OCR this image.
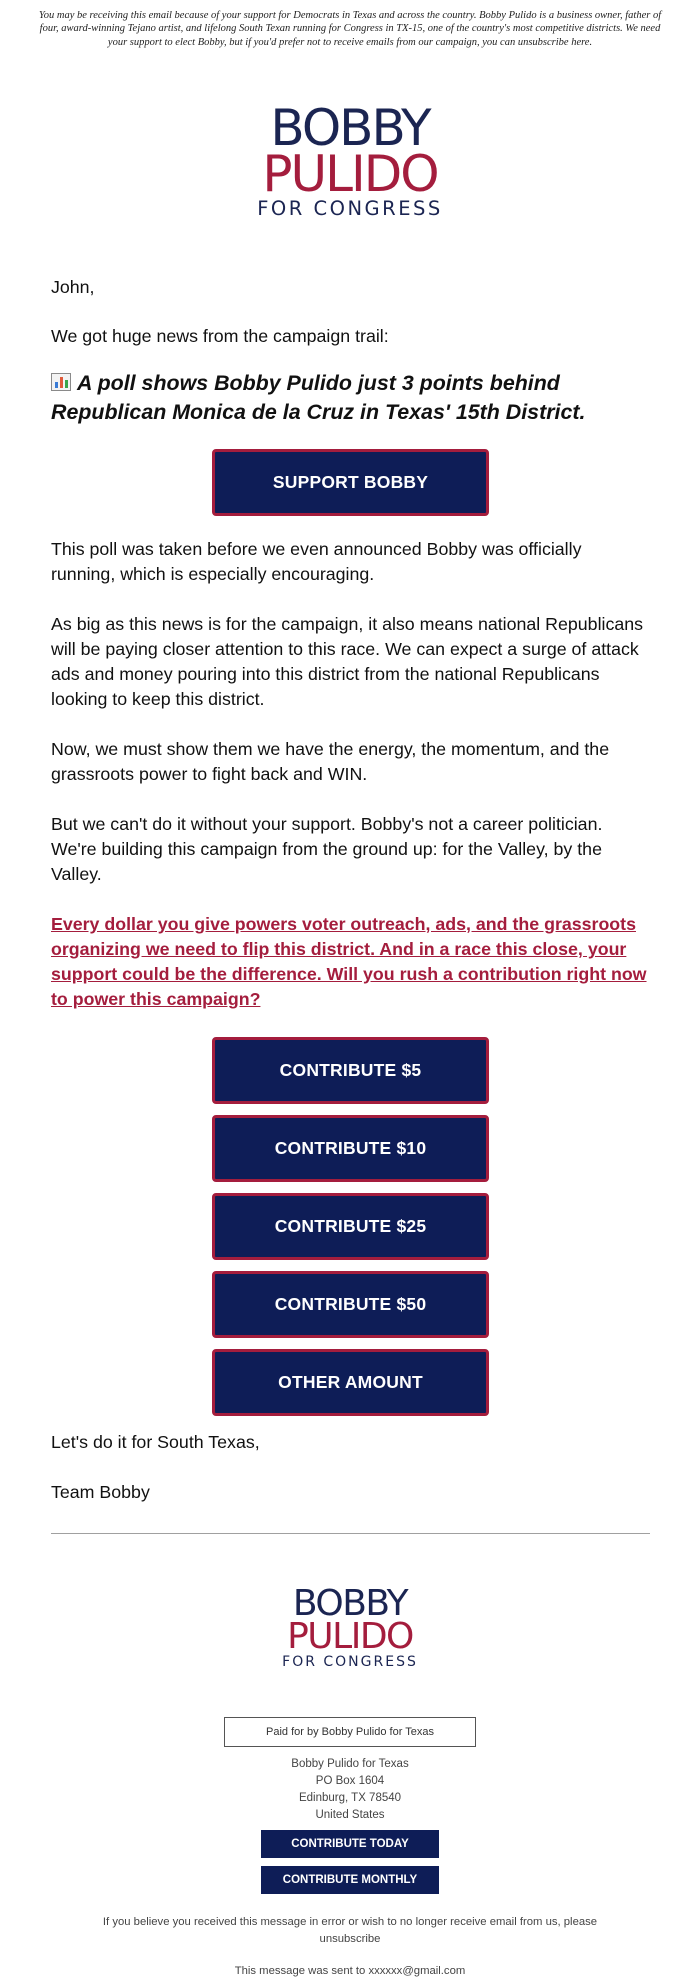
You may be receiving this email because of your support for Democrats in Texas and across the country. Bobby Pulido is a business owner, father of four, award-winning Tejano artist, and lifelong South Texan running for Congress in TX-15, one of the country's most competitive districts. We need your support to elect Bobby, but if you'd prefer not to receive emails from our campaign, you can unsubscribe here.
BOBBY
PULIDO
FOR CONGRESS

John,

We got huge news from the campaign trail:

A poll shows Bobby Pulido just 3 points behind Republican Monica de la Cruz in Texas' 15th District.

SUPPORT BOBBY

This poll was taken before we even announced Bobby was officially running, which is especially encouraging.

As big as this news is for the campaign, it also means national Republicans will be paying closer attention to this race. We can expect a surge of attack ads and money pouring into this district from the national Republicans looking to keep this district.

Now, we must show them we have the energy, the momentum, and the grassroots power to fight back and WIN.

But we can't do it without your support. Bobby's not a career politician. We're building this campaign from the ground up: for the Valley, by the Valley.

Every dollar you give powers voter outreach, ads, and the grassroots organizing we need to flip this district. And in a race this close, your support could be the difference. Will you rush a contribution right now to power this campaign?

CONTRIBUTE $5
CONTRIBUTE $10
CONTRIBUTE $25
CONTRIBUTE $50
OTHER AMOUNT

Let's do it for South Texas,

Team Bobby

BOBBY
PULIDO
FOR CONGRESS
Paid for by Bobby Pulido for Texas
Bobby Pulido for Texas
PO Box 1604
Edinburg, TX 78540
United States
CONTRIBUTE TODAY
CONTRIBUTE MONTHLY
If you believe you received this message in error or wish to no longer receive email from us, please unsubscribe
This message was sent to xxxxxx@gmail.com
